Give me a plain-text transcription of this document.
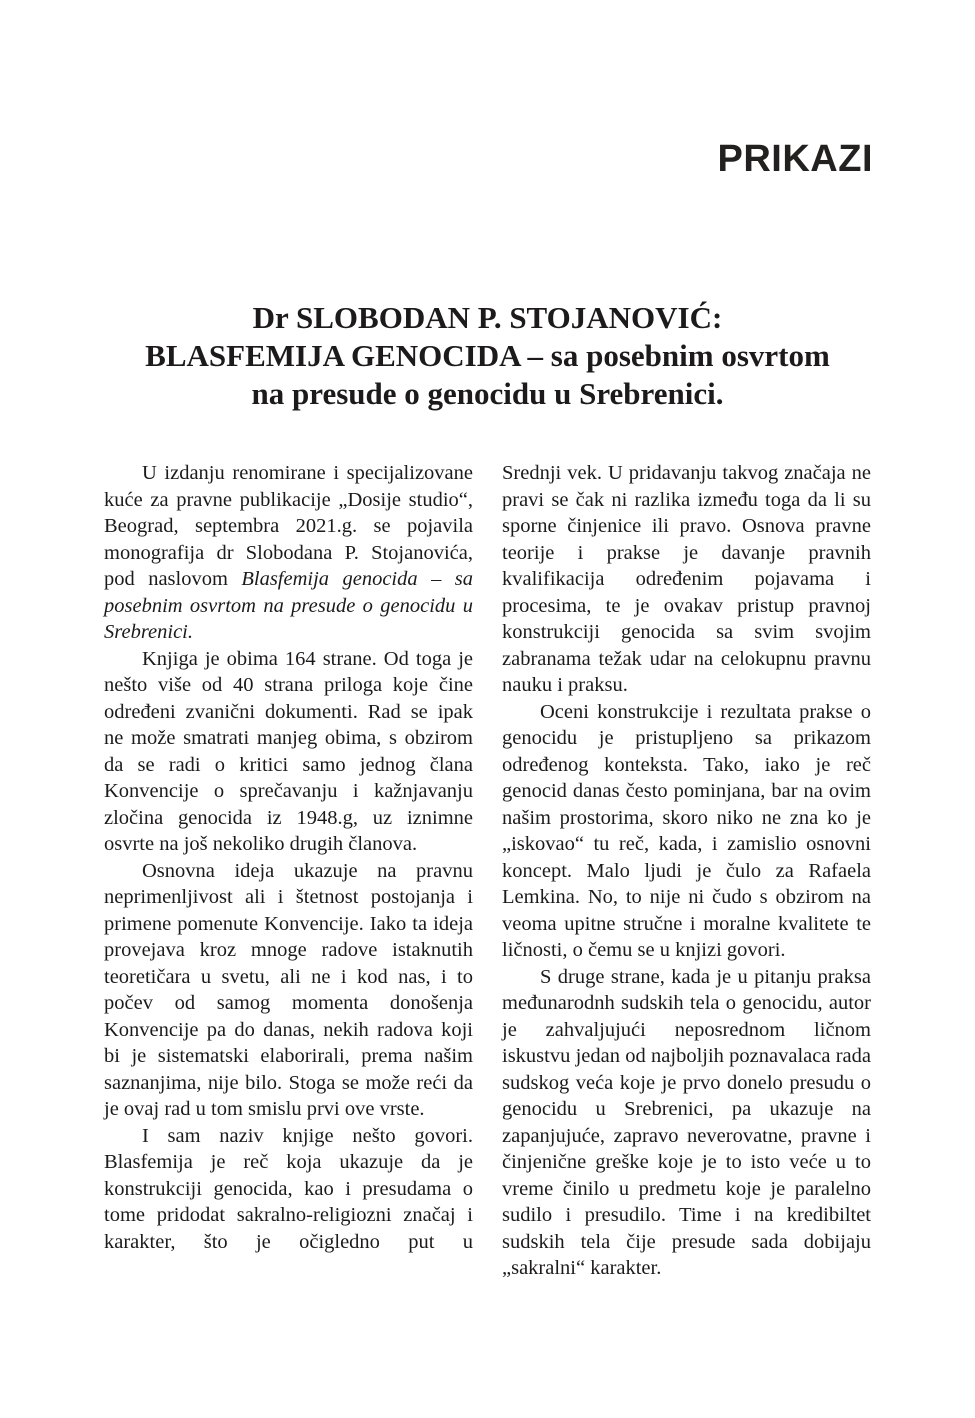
PRIKAZI
Dr SLOBODAN P. STOJANOVIĆ:
BLASFEMIJA GENOCIDA – sa posebnim osvrtom
na presude o genocidu u Srebrenici.

U izdanju renomirane i specijalizovane kuće za pravne publikacije „Dosije studio“, Beograd, septembra 2021.g. se pojavila monografija dr Slobodana P. Stojanovića, pod naslovom Blasfemija genocida – sa posebnim osvrtom na presude o genocidu u Srebrenici.

Knjiga je obima 164 strane. Od toga je nešto više od 40 strana priloga koje čine određeni zvanični dokumenti. Rad se ipak ne može smatrati manjeg obima, s obzirom da se radi o kritici samo jednog člana Konvencije o sprečavanju i kažnjavanju zločina genocida iz 1948.g, uz iznimne osvrte na još nekoliko drugih članova.

Osnovna ideja ukazuje na pravnu neprimenljivost ali i štetnost postojanja i primene pomenute Konvencije. Iako ta ideja provejava kroz mnoge radove istaknutih teoretičara u svetu, ali ne i kod nas, i to počev od samog momenta donošenja Konvencije pa do danas, nekih radova koji bi je sistematski elaborirali, prema našim saznanjima, nije bilo. Stoga se može reći da je ovaj rad u tom smislu prvi ove vrste.

I sam naziv knjige nešto govori. Blasfemija je reč koja ukazuje da je konstrukciji genocida, kao i presudama o tome pridodat sakralno-religiozni značaj i karakter, što je očigledno put u

Srednji vek. U pridavanju takvog značaja ne pravi se čak ni razlika između toga da li su sporne činjenice ili pravo. Osnova pravne teorije i prakse je davanje pravnih kvalifikacija određenim pojavama i procesima, te je ovakav pristup pravnoj konstrukciji genocida sa svim svojim zabranama težak udar na celokupnu pravnu nauku i praksu.

Oceni konstrukcije i rezultata prakse o genocidu je pristupljeno sa prikazom određenog konteksta. Tako, iako je reč genocid danas često pominjana, bar na ovim našim prostorima, skoro niko ne zna ko je „iskovao“ tu reč, kada, i zamislio osnovni koncept. Malo ljudi je čulo za Rafaela Lemkina. No, to nije ni čudo s obzirom na veoma upitne stručne i moralne kvalitete te ličnosti, o čemu se u knjizi govori.

S druge strane, kada je u pitanju praksa međunarodnh sudskih tela o genocidu, autor je zahvaljujući neposrednom ličnom iskustvu jedan od najboljih poznavalaca rada sudskog veća koje je prvo donelo presudu o genocidu u Srebrenici, pa ukazuje na zapanjujuće, zapravo neverovatne, pravne i činjenične greške koje je to isto veće u to vreme činilo u predmetu koje je paralelno sudilo i presudilo. Time i na kredibiltet sudskih tela čije presude sada dobijaju „sakralni“ karakter.
